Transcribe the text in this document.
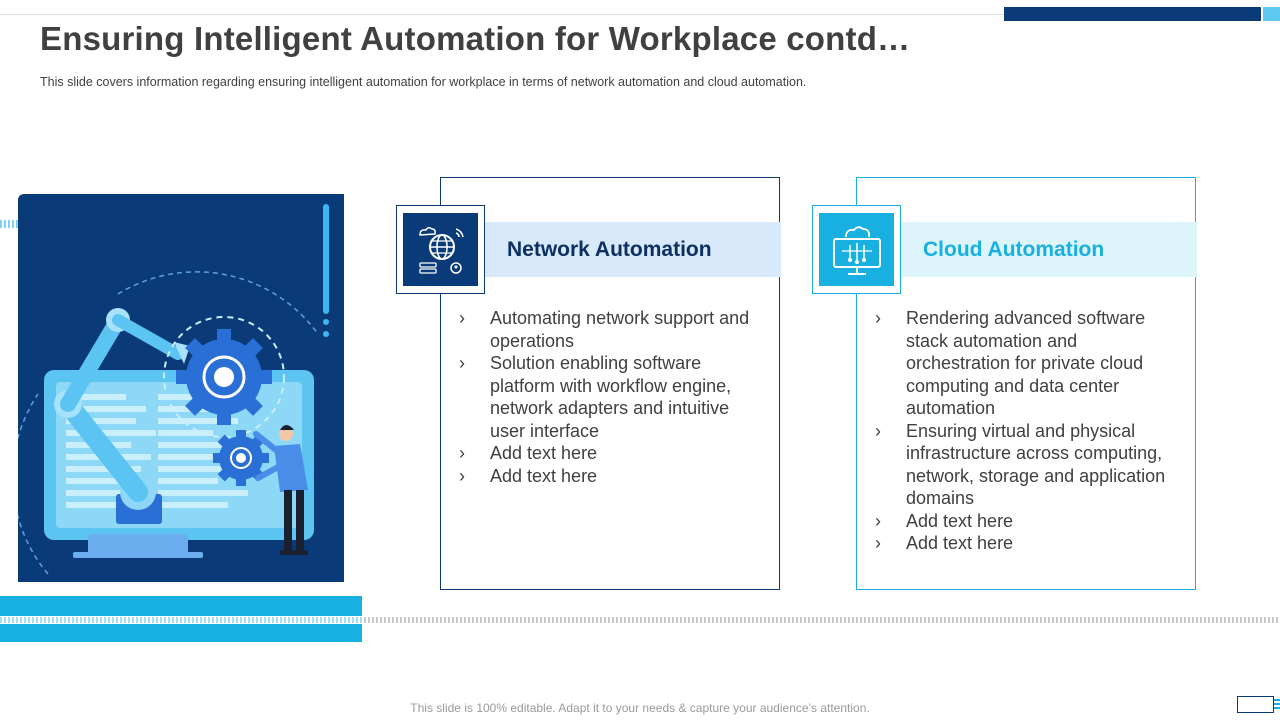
Ensuring Intelligent Automation for Workplace contd…

This slide covers information regarding ensuring intelligent automation for workplace in terms of network automation and cloud automation.

Network Automation
› Automating network support and operations
› Solution enabling software platform with workflow engine, network adapters and intuitive user interface
› Add text here
› Add text here
Cloud Automation
› Rendering advanced software stack automation and orchestration for private cloud computing and data center automation
› Ensuring virtual and physical infrastructure across computing, network, storage and application domains
› Add text here
› Add text here
This slide is 100% editable. Adapt it to your needs & capture your audience’s attention.
